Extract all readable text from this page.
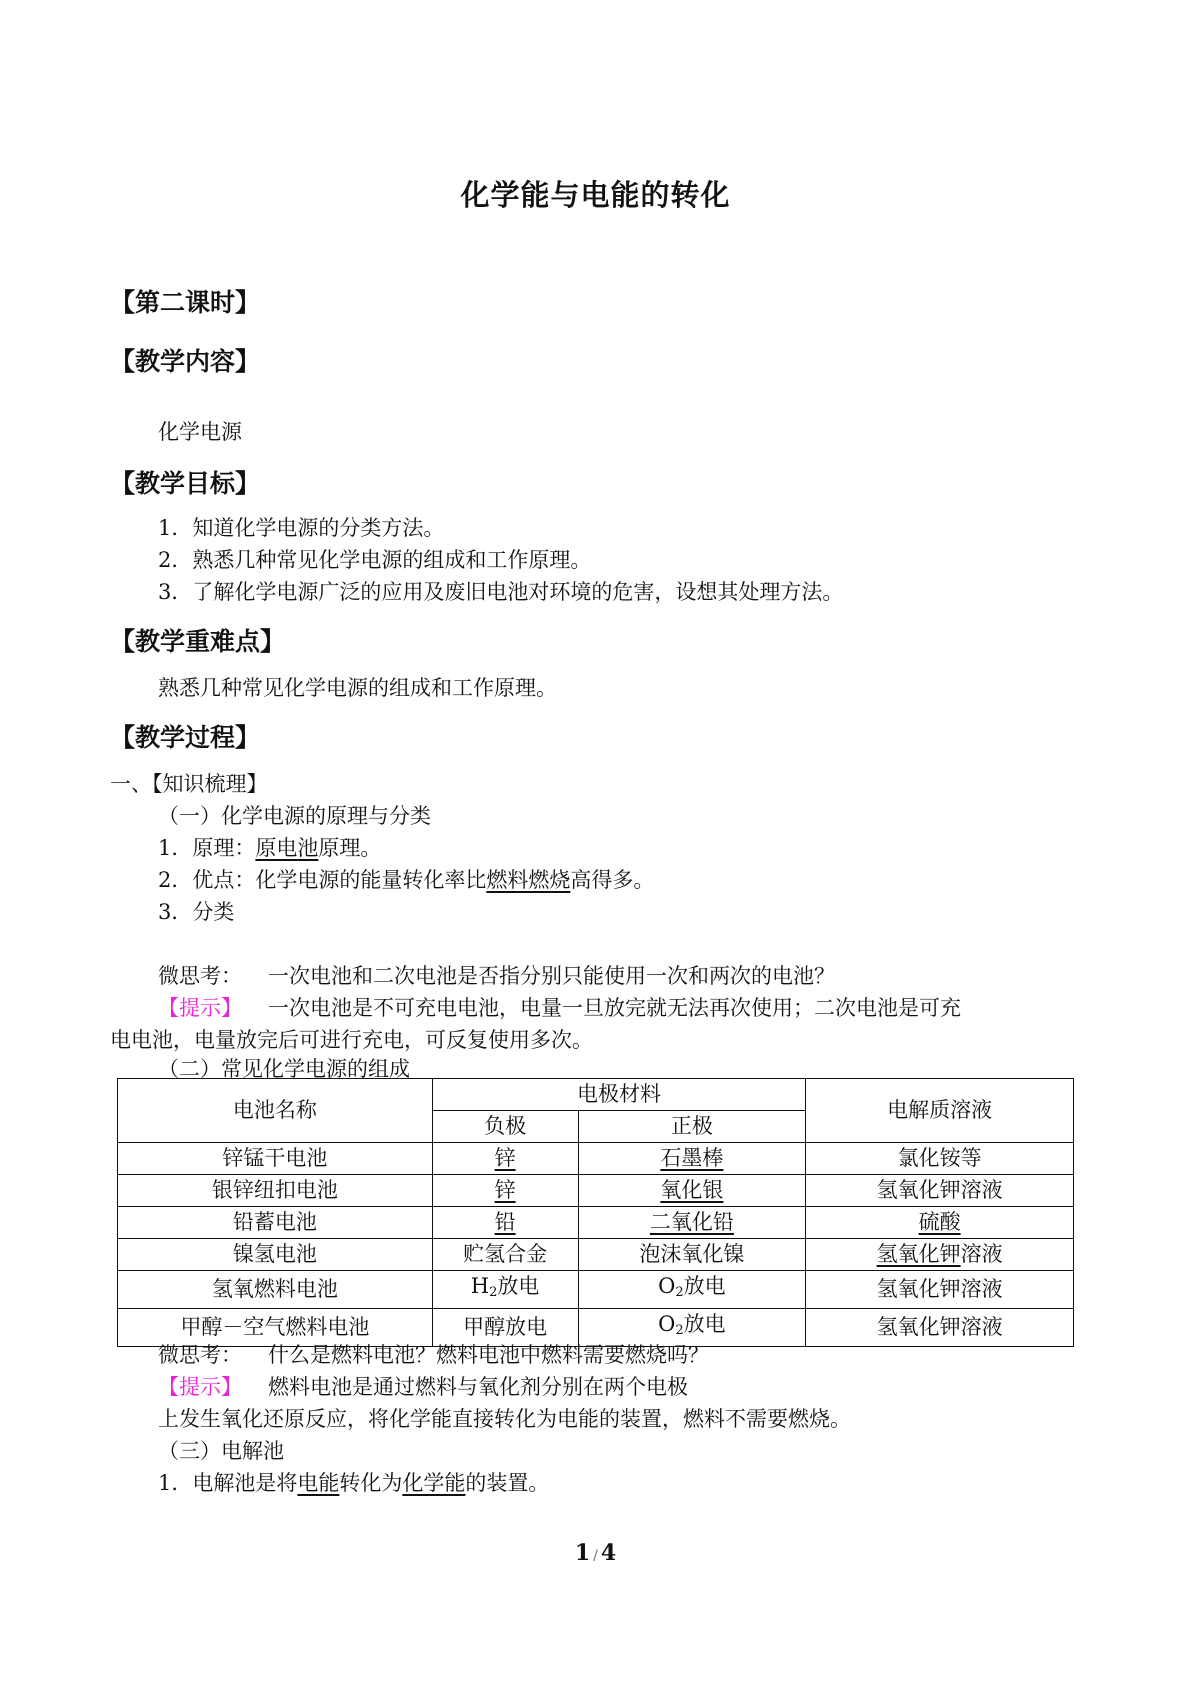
化学能与电能的转化
【第二课时】
【教学内容】
化学电源
【教学目标】
1．知道化学电源的分类方法。
2．熟悉几种常见化学电源的组成和工作原理。
3．了解化学电源广泛的应用及废旧电池对环境的危害，设想其处理方法。
【教学重难点】
熟悉几种常见化学电源的组成和工作原理。
【教学过程】
一、【知识梳理】
（一）化学电源的原理与分类
1．原理：原电池原理。
2．优点：化学电源的能量转化率比燃料燃烧高得多。
3．分类
微思考： 一次电池和二次电池是否指分别只能使用一次和两次的电池？
【提示】 一次电池是不可充电电池，电量一旦放完就无法再次使用；二次电池是可充
电电池，电量放完后可进行充电，可反复使用多次。
（二）常见化学电源的组成
电池名称	电极材料		电解质溶液
	负极	正极	
锌锰干电池	锌	石墨棒	氯化铵等
银锌纽扣电池	锌	氧化银	氢氧化钾溶液
铅蓄电池	铅	二氧化铅	硫酸
镍氢电池	贮氢合金	泡沫氧化镍	氢氧化钾溶液
氢氧燃料电池	$H_2$放电	$O_2$放电	氢氧化钾溶液
甲醇－空气燃料电池	甲醇放电	$O_2$放电	氢氧化钾溶液
微思考： 什么是燃料电池？燃料电池中燃料需要燃烧吗？
【提示】 燃料电池是通过燃料与氧化剂分别在两个电极
上发生氧化还原反应，将化学能直接转化为电能的装置，燃料不需要燃烧。
（三）电解池
1．电解池是将电能转化为化学能的装置。
1 / 4
